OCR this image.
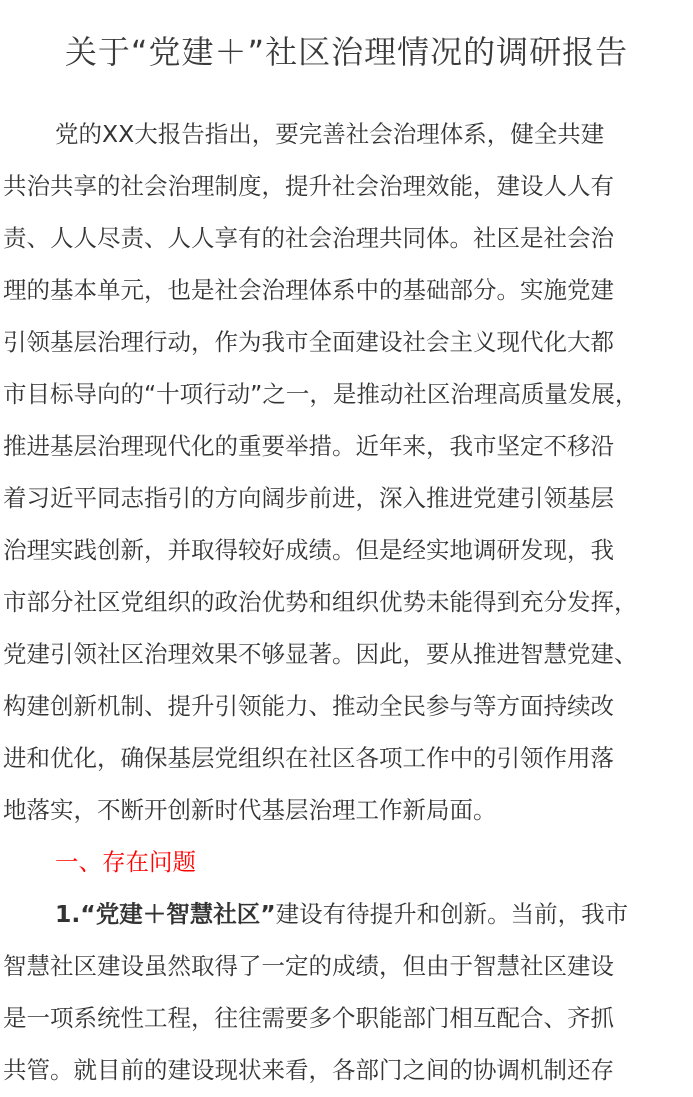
关于“党建＋”社区治理情况的调研报告
党的XX大报告指出，要完善社会治理体系，健全共建
共治共享的社会治理制度，提升社会治理效能，建设人人有
责、人人尽责、人人享有的社会治理共同体。社区是社会治
理的基本单元，也是社会治理体系中的基础部分。实施党建
引领基层治理行动，作为我市全面建设社会主义现代化大都
市目标导向的“十项行动”之一，是推动社区治理高质量发展，
推进基层治理现代化的重要举措。近年来，我市坚定不移沿
着习近平同志指引的方向阔步前进，深入推进党建引领基层
治理实践创新，并取得较好成绩。但是经实地调研发现，我
市部分社区党组织的政治优势和组织优势未能得到充分发挥，
党建引领社区治理效果不够显著。因此，要从推进智慧党建、
构建创新机制、提升引领能力、推动全民参与等方面持续改
进和优化，确保基层党组织在社区各项工作中的引领作用落
地落实，不断开创新时代基层治理工作新局面。
一、存在问题
1.“党建＋智慧社区”建设有待提升和创新。当前，我市
智慧社区建设虽然取得了一定的成绩，但由于智慧社区建设
是一项系统性工程，往往需要多个职能部门相互配合、齐抓
共管。就目前的建设现状来看，各部门之间的协调机制还存
